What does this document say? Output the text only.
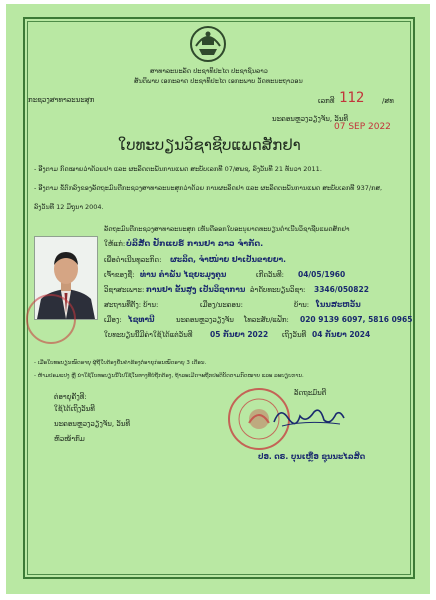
ສາທາລະນະລັດ ປະຊາທິປະໄຕ ປະຊາຊົນລາວ
ສັນຕິພາບ ເອກະລາດ ປະຊາທິປະໄຕ ເອກະພາບ ວັດທະນະຖາວອນ
ກະຊວງສາທາລະນະສຸກ	ເລກທີ 112	/ສທ
ນະຄອນຫຼວງວຽງຈັນ, ວັນທີ
07 SEP 2022
ໃບທະບຽນວິຊາຊີບແພດສັກຢາ
- ອີງຕາມ ກົດໝາຍວ່າດ້ວຍຢາ ແລະ ຜະລິດຕະພັນການແພດ ສະບັບເລກທີ 07/ສພຊ, ລົງວັນທີ 21 ທັນວາ 2011.
- ອີງຕາມ ຂໍ້ຕົກລົງຂອງລັດຖະມົນຕີກະຊວງສາທາລະນະສຸກວ່າດ້ວຍ ການຜະລິດຢາ ແລະ ຜະລິດຕະພັນການແພດ ສະບັບເລກທີ 937/ກສ,
ລົງວັນທີ 12 ມິຖຸນາ 2004.
ລັດຖະມົນຕີກະຊວງສາທາລະນະສຸກ ເຫັນດີອອກໃບອະນຸຍາດທະບຽນດຳເນີນວິຊາຊີບແພດສັກຢາ
ໃຫ້ແກ່: ບໍລິສັດ ຢັກແບຣ໌ ການຢາ ລາວ ຈຳກັດ.
ເພື່ອດຳເນີນທຸລະກິດ: ຜະລິດ, ຈຳໜ່າຍ ຢາເປັນຂາຍຍາ.
ເຈົ້າຂອງຊື່: ທ່ານ ຄຳພັນ ໄຊຍະມຸງຄຸນ	ເກີດວັນທີ: 04/05/1960
ວິຊາສະເພາະ: ການຢາ ຂັ້ນສູງ ເປັນວິຊາການ ລຳດັບທະບຽນວິຊາ: 3346/050822
ສະຖານທີ່ຕັ້ງ: ບ້ານ:	ເມືອງ/ນະຄອນ:	ບ້ານ: ໂນນສະຫວັນ
ເມືອງ: ໄຊທານີ	ນະຄອນຫຼວງວຽງຈັນ ໂທລະສັບ/ແຟັກ: 020 9139 6097, 5816 0965
ໃບທະບຽນນີ້ມີຄ່າໃຊ້ໄດ້ແຕ່ວັນທີ 05 ກັນຍາ 2022 ເຖິງວັນທີ 04 ກັນຍາ 2024
- ເມື່ອໃບທະບຽນໝົດອາຍຸ ຜູ້ຖືໃບຕ້ອງຍື່ນຄຳຮ້ອງຕໍ່ອາຍຸກ່ອນໝົດອາຍຸ 3 ເດືອນ.
- ຫ້າມປອມແປງ ຫຼື ນຳໃຊ້ໃບທະບຽນນີ້ໄປໃຊ້ໃນທາງທີ່ບໍ່ຖືກຕ້ອງ, ຖ້າລະເມີດຈະຖືກປະຕິບັດຕາມກົດໝາຍ ແລະ ລະບຽບການ.
ລັດຖະມົນຕີ
ປອ. ດຣ. ບຸນເຫຼື່ອ ຊຸນນະໄລສິດ
ຕ່ອາຍຸຄັ້ງທີ:
ໃຊ້ໄດ້ເຖິງວັນທີ
ນະຄອນຫຼວງວຽງຈັນ, ວັນທີ
ຫົວໜ້າກົມ
